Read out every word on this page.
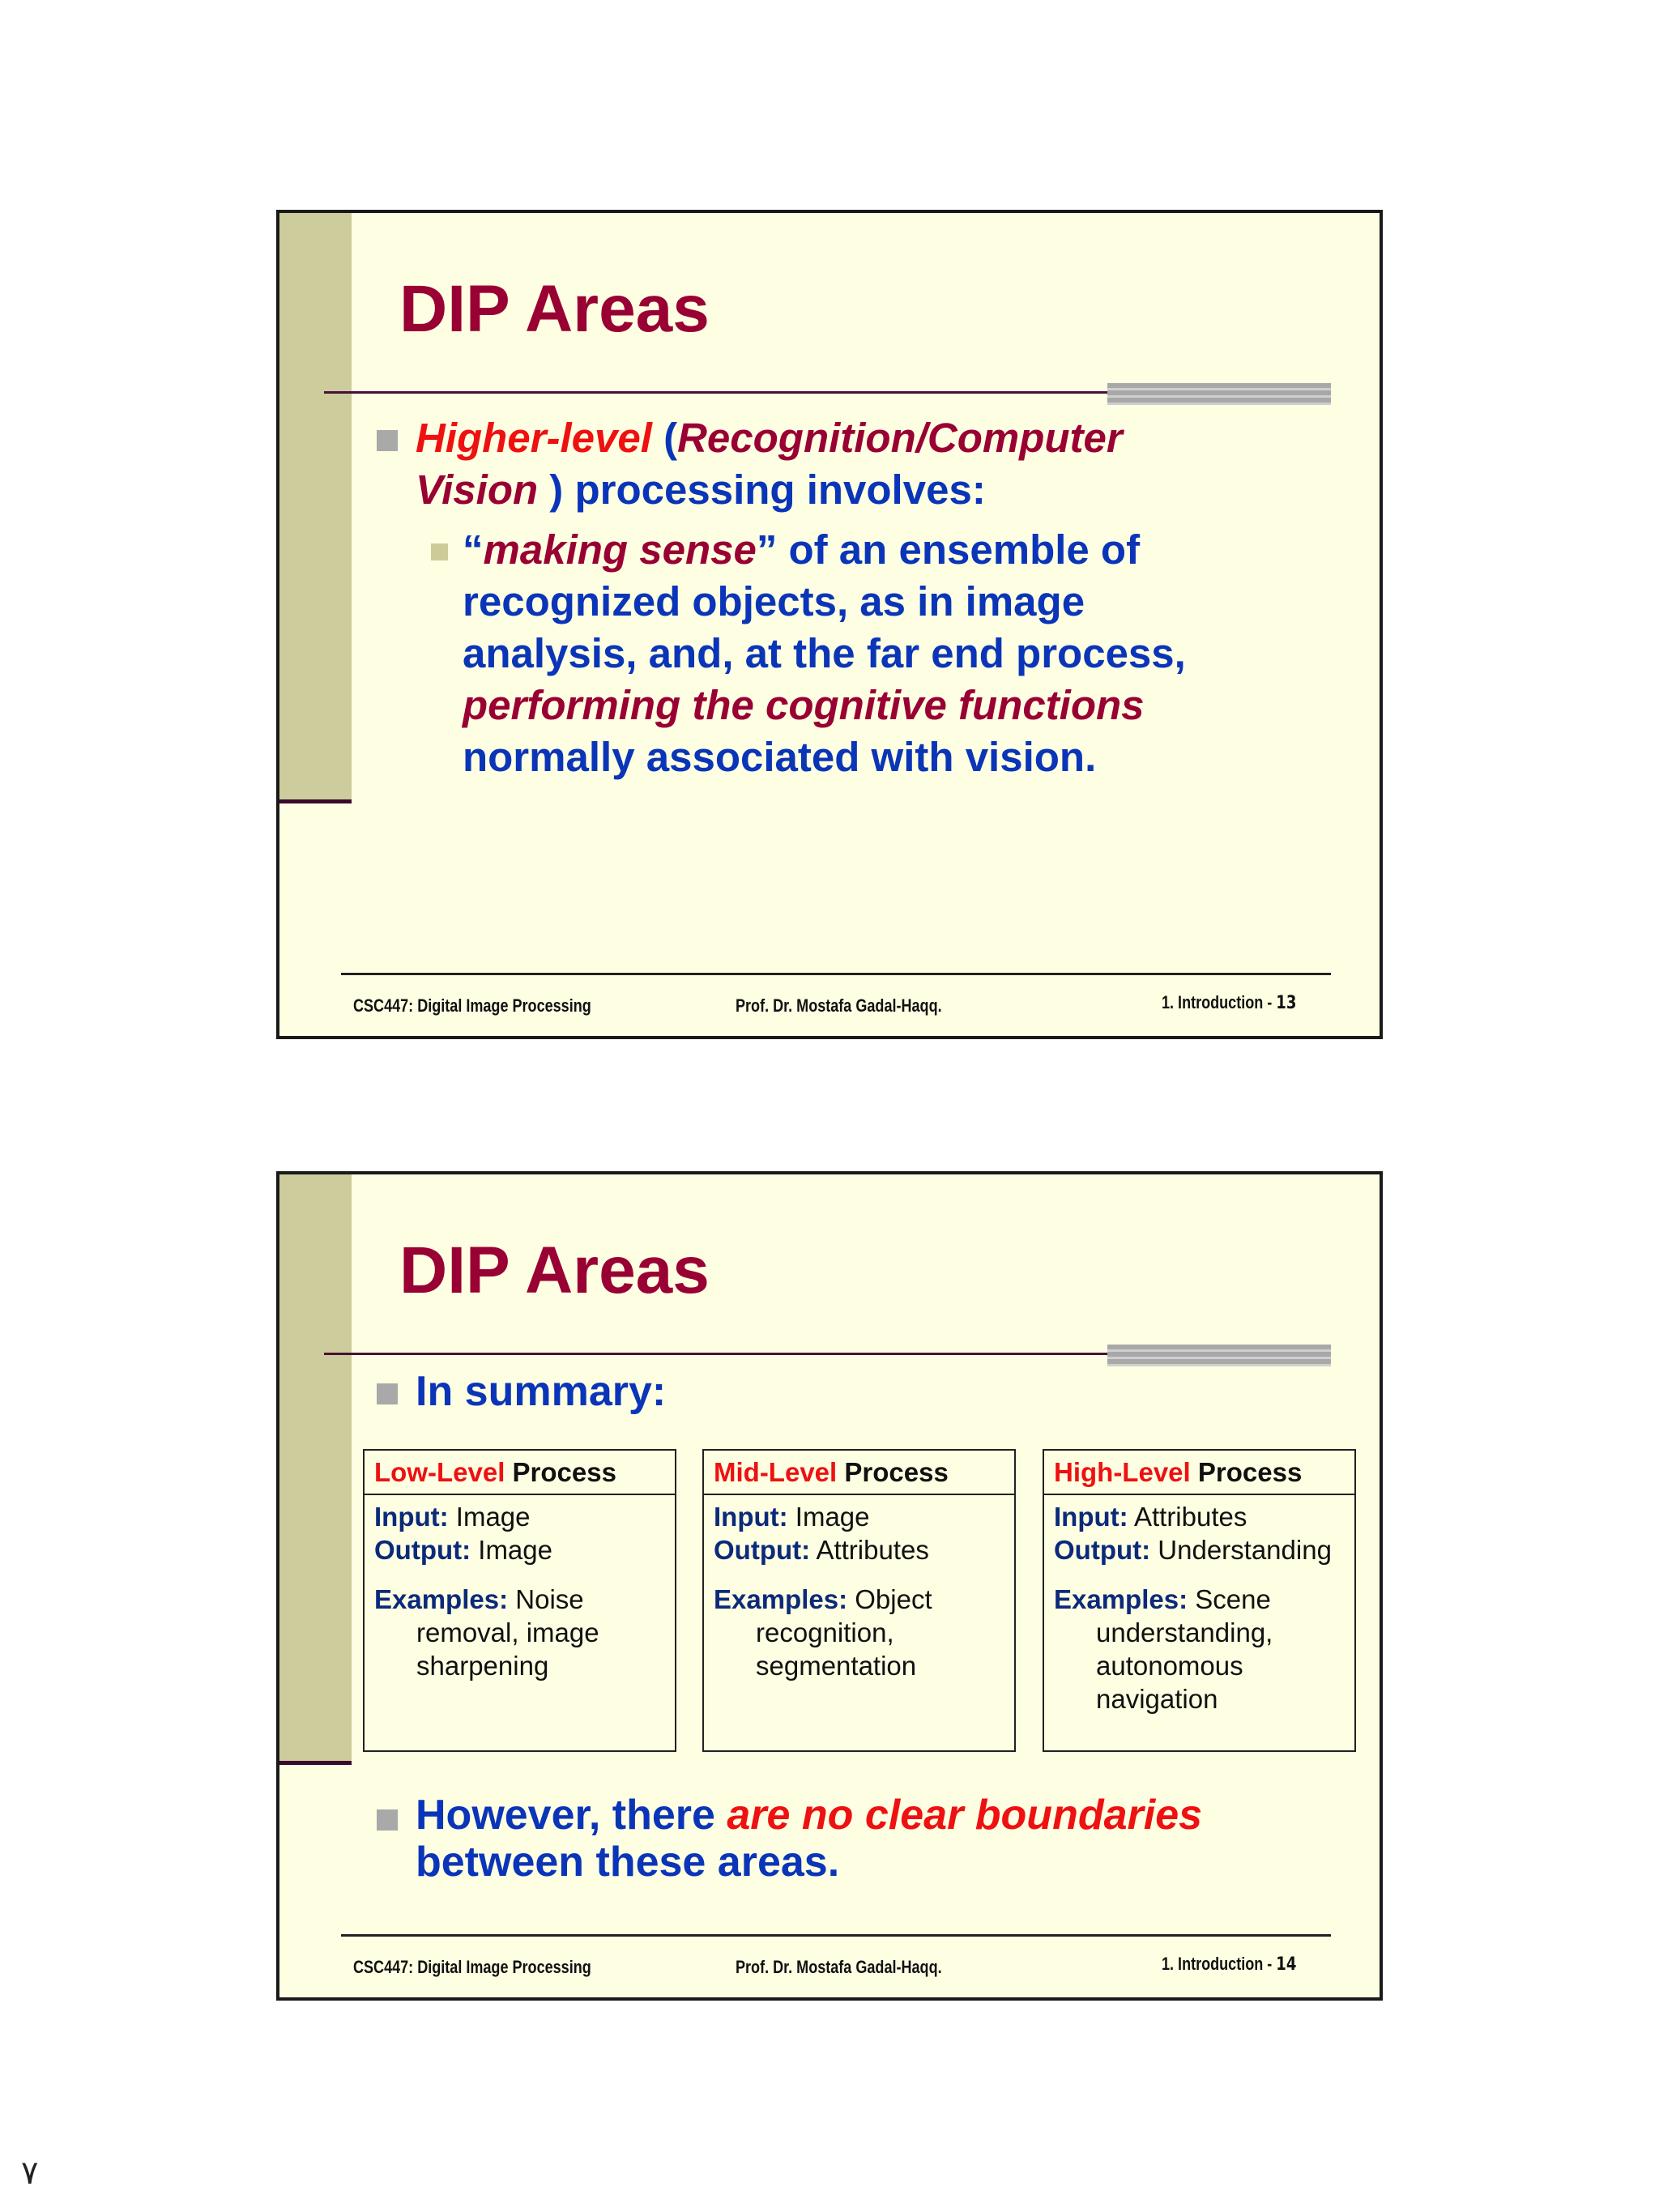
DIP Areas

Higher-level (Recognition/Computer
Vision ) processing involves:

“making sense” of an ensemble of
recognized objects, as in image
analysis, and, at the far end process,
performing the cognitive functions
normally associated with vision.

CSC447: Digital Image Processing	Prof. Dr. Mostafa Gadal-Haqq.	1. Introduction - 13
DIP Areas

In summary:

Low-Level Process
Input: Image
Output: Image
Examples: Noise
removal, image
sharpening
Mid-Level Process
Input: Image
Output: Attributes
Examples: Object
recognition,
segmentation
High-Level Process
Input: Attributes
Output: Understanding
Examples: Scene
understanding,
autonomous
navigation

However, there are no clear boundaries
between these areas.

CSC447: Digital Image Processing	Prof. Dr. Mostafa Gadal-Haqq.	1. Introduction - 14
٧
